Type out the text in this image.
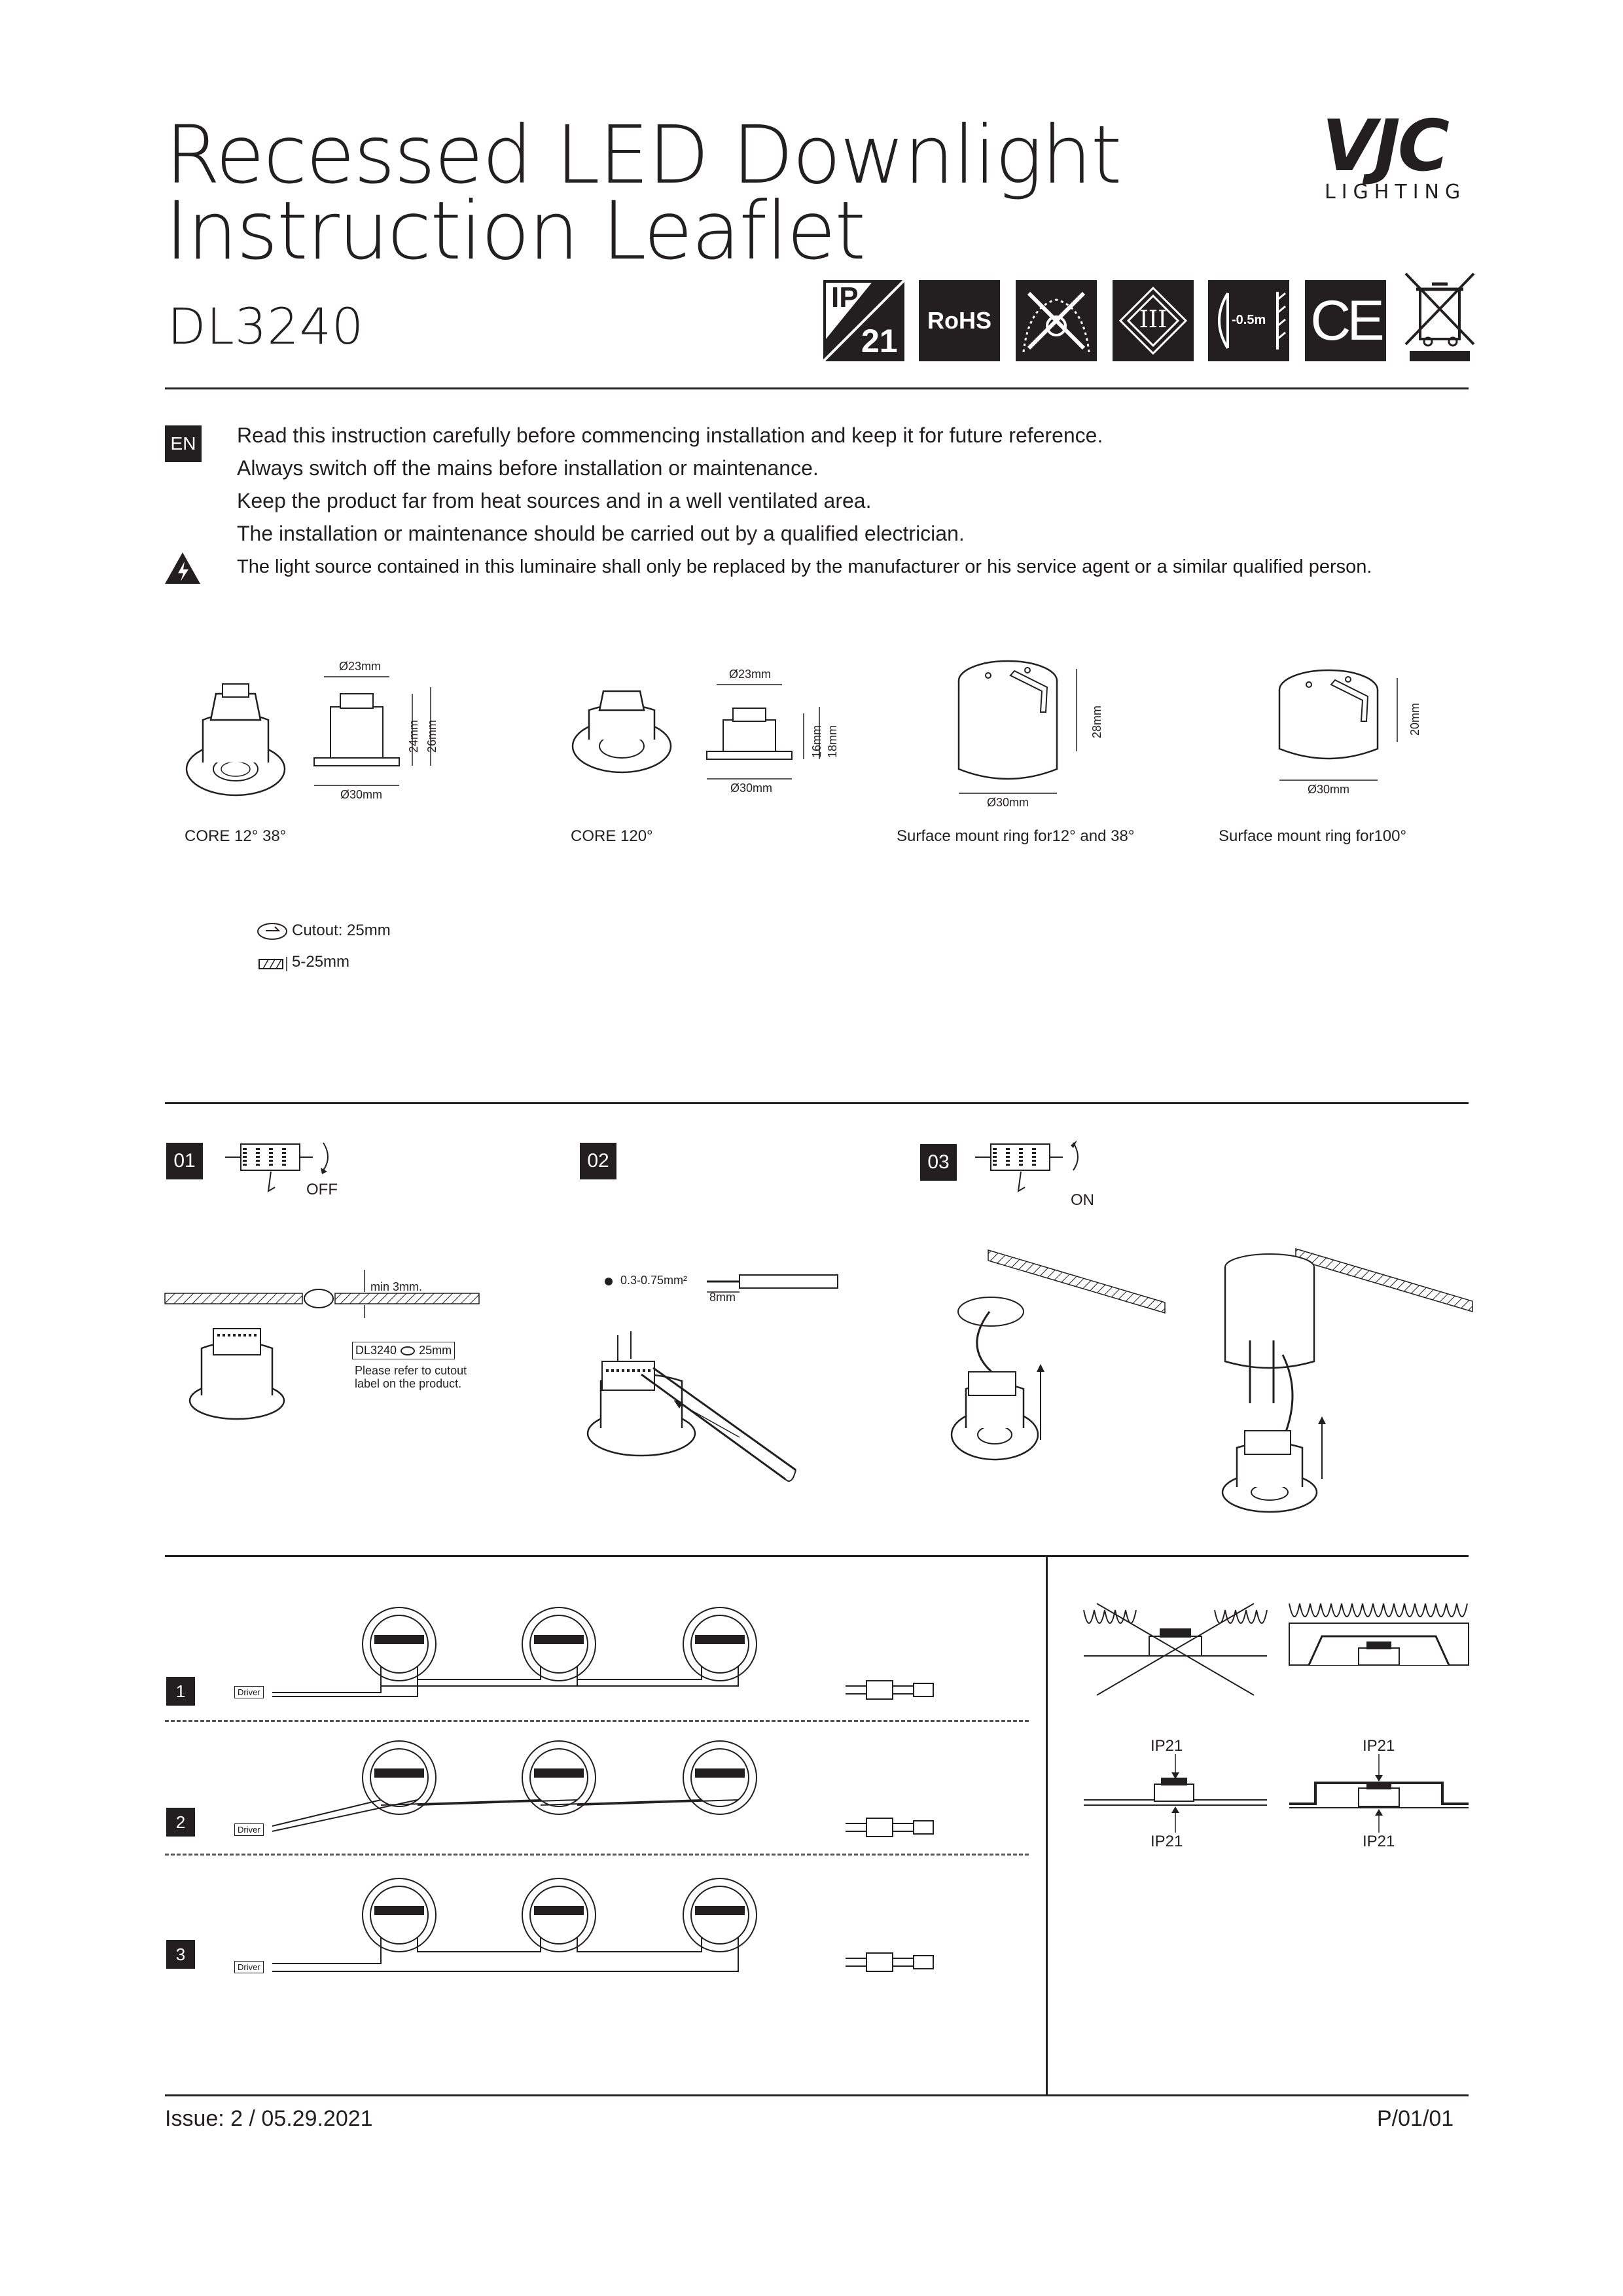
Recessed LED Downlight
Instruction Leaflet
DL3240
VJC
LIGHTING
IP
21
RoHS	III	-0.5m CE
EN Read this instruction carefully before commencing installation and keep it for future reference.
Always switch off the mains before installation or maintenance.
Keep the product far from heat sources and in a well ventilated area.
The installation or maintenance should be carried out by a qualified electrician.
The light source contained in this luminaire shall only be replaced by the manufacturer or his service agent or a similar qualified person.
Ø23mm
Ø30mm
24mm 26mm
CORE 12° 38°
Ø23mm
Ø30mm
16mm 18mm
CORE 120°
Ø30mm
28mm
Surface mount ring for12° and 38°
Ø30mm
20mm
Surface mount ring for100°
Cutout: 25mm
5-25mm
01
OFF
min 3mm.
DL3240 25mm
Please refer to cutout
label on the product.
02
0.3-0.75mm²
8mm
03
ON
1	Driver
2	Driver
3
Driver
IP21
IP21
IP21
IP21
Issue: 2 / 05.29.2021	P/01/01
